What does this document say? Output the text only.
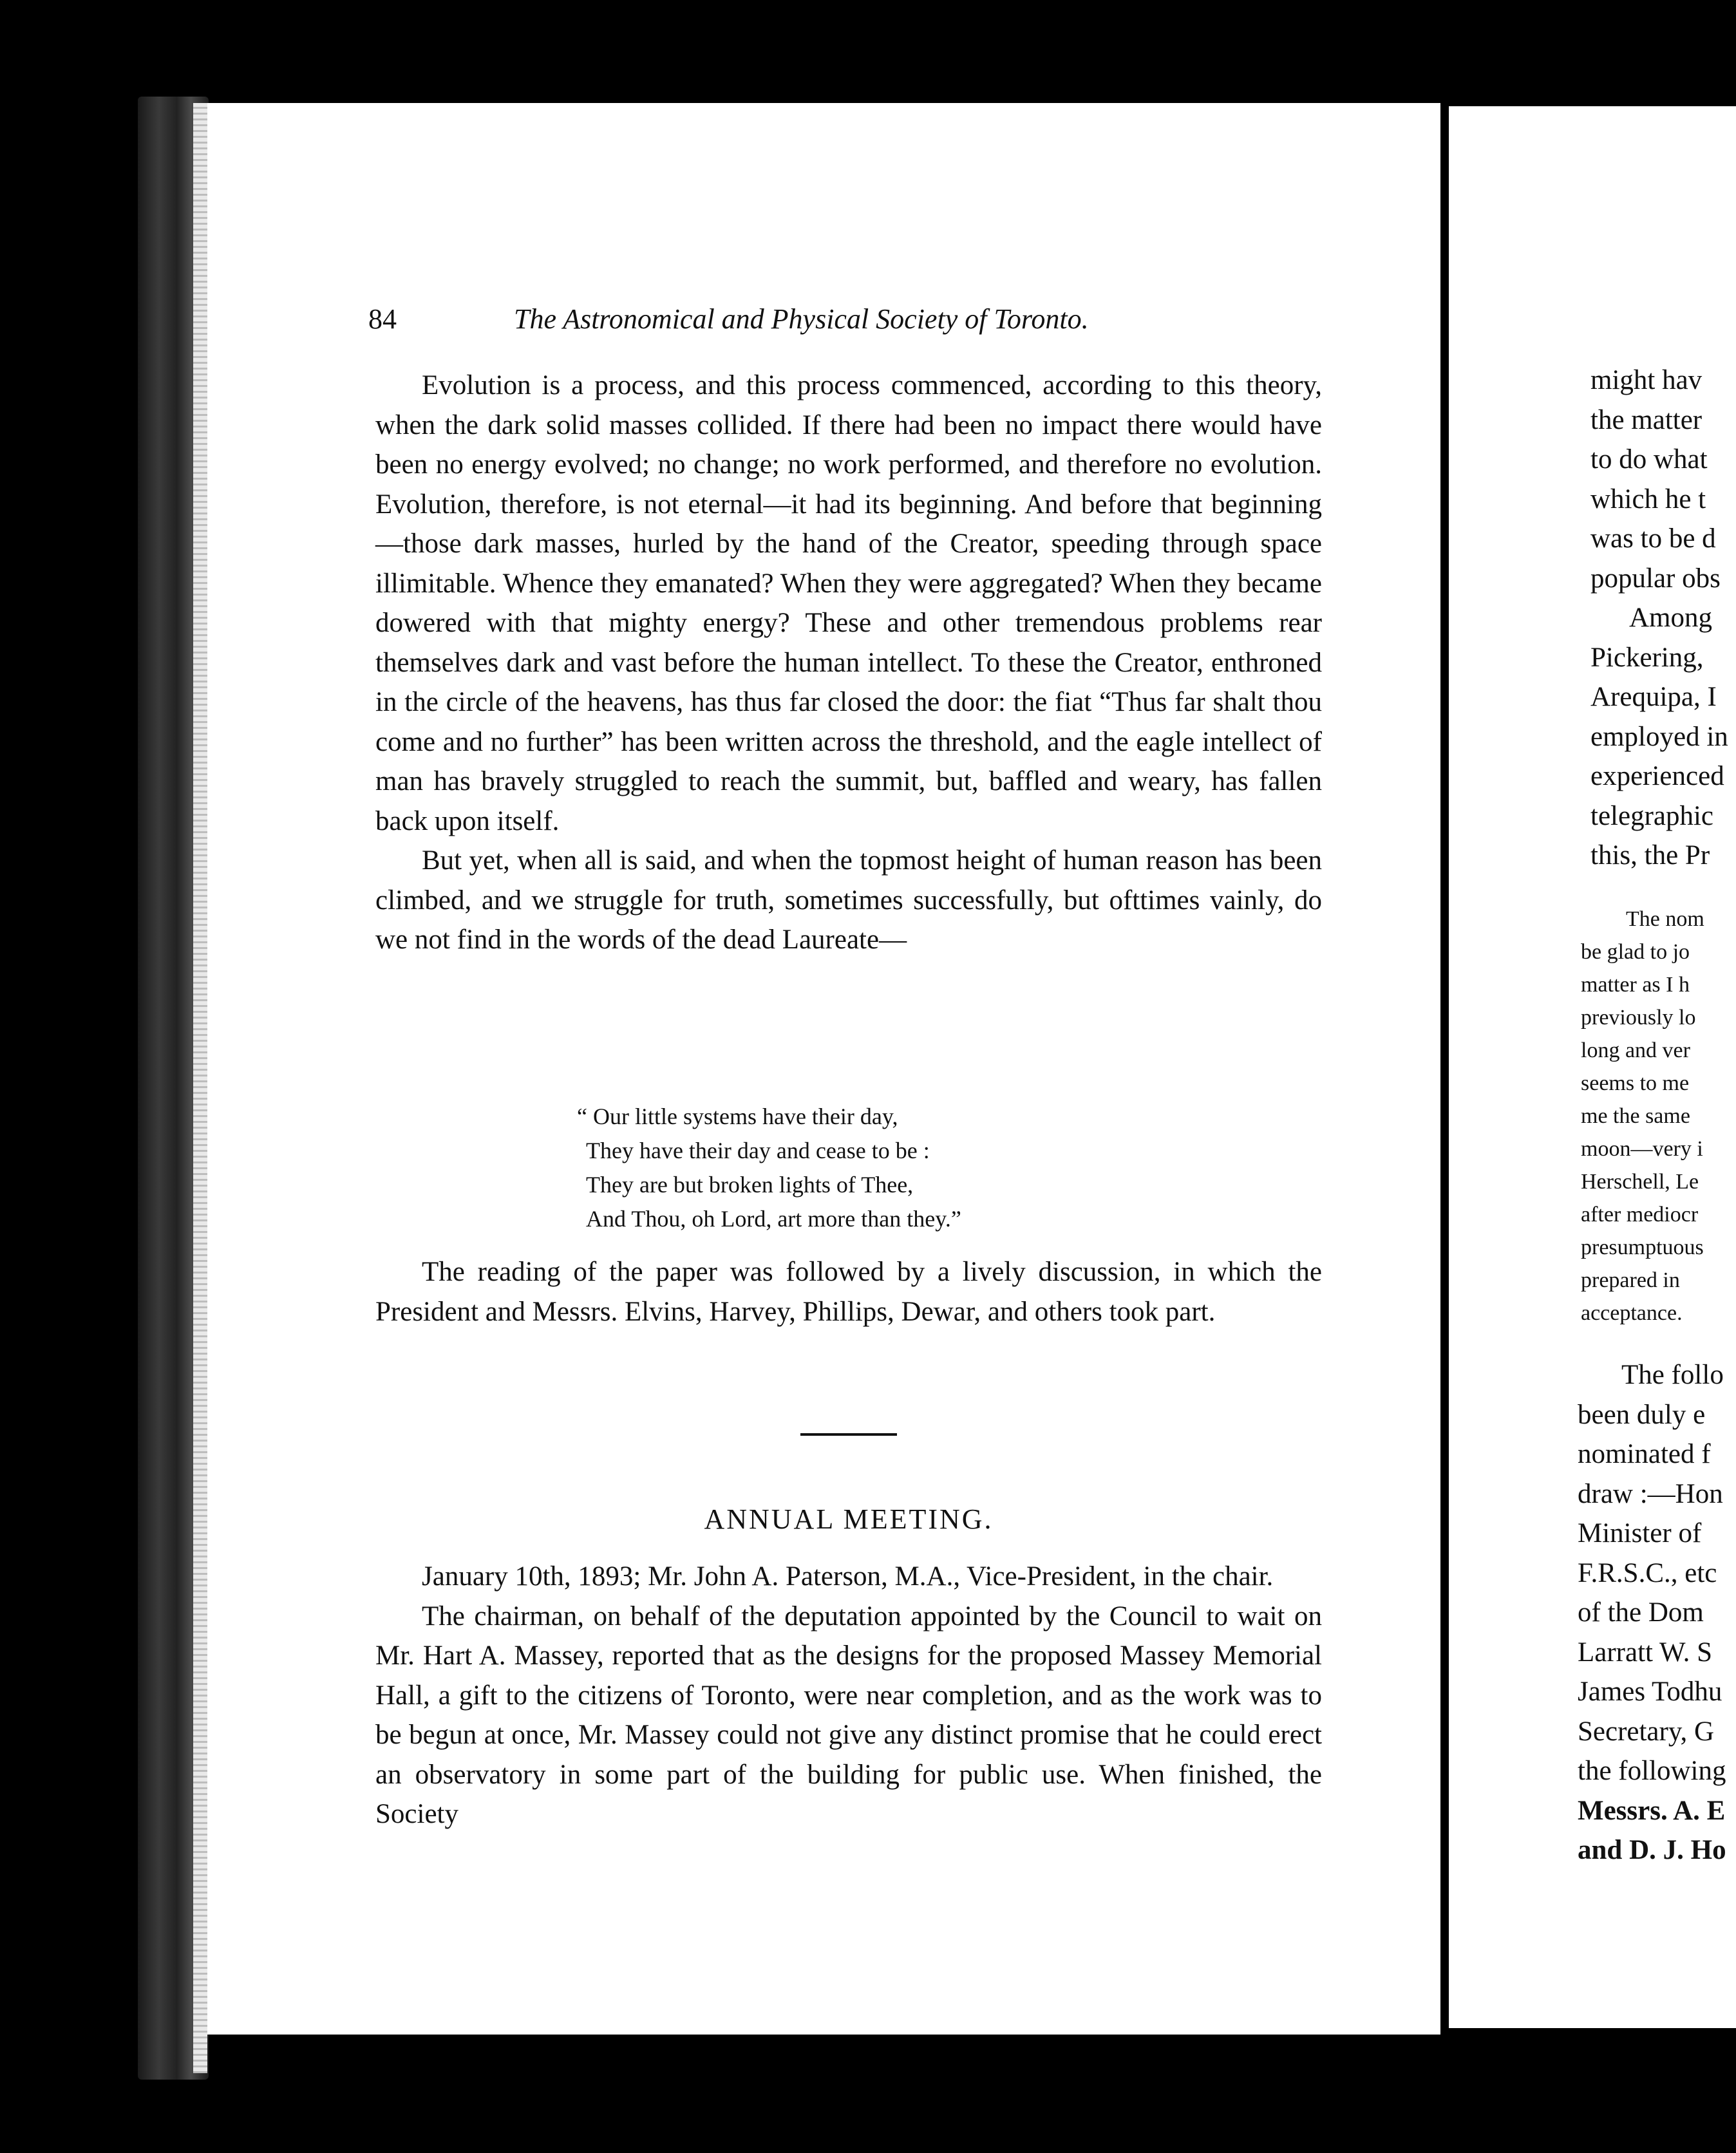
84	The Astronomical and Physical Society of Toronto.

Evolution is a process, and this process commenced, according to this theory, when the dark solid masses collided. If there had been no impact there would have been no energy evolved; no change; no work performed, and therefore no evolution. Evolution, therefore, is not eternal—it had its beginning. And before that beginning—those dark masses, hurled by the hand of the Creator, speeding through space illimitable. Whence they emanated? When they were aggregated? When they became dowered with that mighty energy? These and other tremendous problems rear themselves dark and vast before the human intellect. To these the Creator, enthroned in the circle of the heavens, has thus far closed the door: the fiat “Thus far shalt thou come and no further” has been written across the threshold, and the eagle intellect of man has bravely struggled to reach the summit, but, baffled and weary, has fallen back upon itself.

But yet, when all is said, and when the topmost height of human reason has been climbed, and we struggle for truth, sometimes successfully, but ofttimes vainly, do we not find in the words of the dead Laureate—

“ Our little systems have their day,
They have their day and cease to be :
They are but broken lights of Thee,
And Thou, oh Lord, art more than they.”

The reading of the paper was followed by a lively discussion, in which the President and Messrs. Elvins, Harvey, Phillips, Dewar, and others took part.

ANNUAL MEETING.

January 10th, 1893; Mr. John A. Paterson, M.A., Vice-President, in the chair.

The chairman, on behalf of the deputation appointed by the Council to wait on Mr. Hart A. Massey, reported that as the designs for the proposed Massey Memorial Hall, a gift to the citizens of Toronto, were near completion, and as the work was to be begun at once, Mr. Massey could not give any distinct promise that he could erect an observatory in some part of the building for public use. When finished, the Society

might hav
the matter
to do what
which he t
was to be d
popular obs
Among
Pickering,
Arequipa, I
employed in
experienced
telegraphic
this, the Pr
The nom
be glad to jo
matter as I h
previously lo
long and ver
seems to me
me the same
moon—very i
Herschell, Le
after mediocr
presumptuous
prepared in
acceptance.
The follo
been duly e
nominated f
draw :—Hon
Minister of
F.R.S.C., etc
of the Dom
Larratt W. S
James Todhu
Secretary, G
the following
Messrs. A. E
and D. J. Ho
